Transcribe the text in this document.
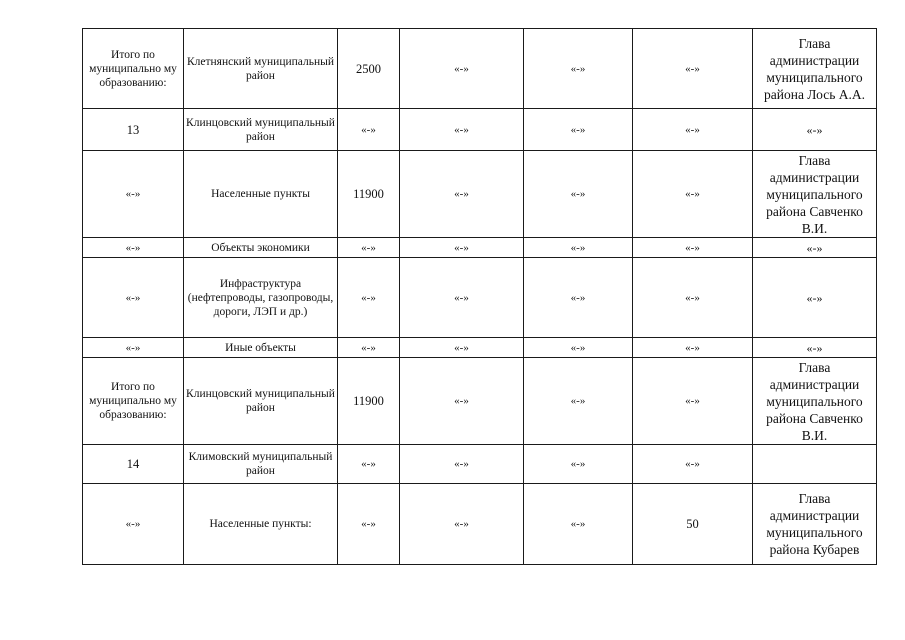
Итого по муниципально му образованию:	Клетнянский муниципальный район	2500	«-»	«-»	«-»	Глава администрации муниципального района Лось А.А.
13	Клинцовский муниципальный район	«-»	«-»	«-»	«-»	«-»
«-»	Населенные пункты	11900	«-»	«-»	«-»	Глава администрации муниципального района Савченко В.И.
«-»	Объекты экономики	«-»	«-»	«-»	«-»	«-»
«-»	Инфраструктура (нефтепроводы, газопроводы, дороги, ЛЭП и др.)	«-»	«-»	«-»	«-»	«-»
«-»	Иные объекты	«-»	«-»	«-»	«-»	«-»
Итого по муниципально му образованию:	Клинцовский муниципальный район	11900	«-»	«-»	«-»	Глава администрации муниципального района Савченко В.И.
14	Климовский муниципальный район	«-»	«-»	«-»	«-»	
«-»	Населенные пункты:	«-»	«-»	«-»	50	Глава администрации муниципального района Кубарев
